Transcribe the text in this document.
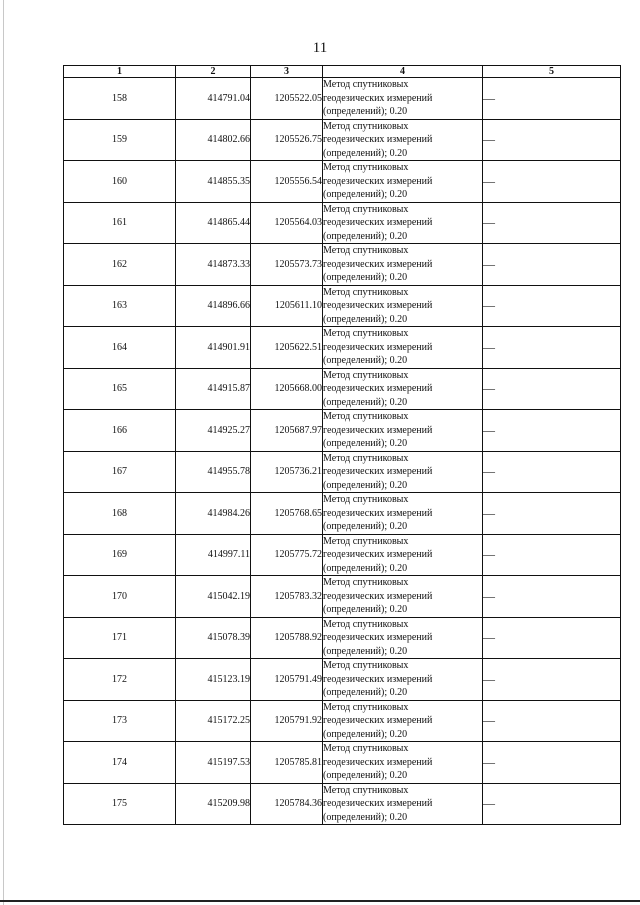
11
1	2	3	4	5
158	414791.04	1205522.05	Метод спутниковых
геодезических измерений
(определений); 0.20	—
159	414802.66	1205526.75	Метод спутниковых
геодезических измерений
(определений); 0.20	—
160	414855.35	1205556.54	Метод спутниковых
геодезических измерений
(определений); 0.20	—
161	414865.44	1205564.03	Метод спутниковых
геодезических измерений
(определений); 0.20	—
162	414873.33	1205573.73	Метод спутниковых
геодезических измерений
(определений); 0.20	—
163	414896.66	1205611.10	Метод спутниковых
геодезических измерений
(определений); 0.20	—
164	414901.91	1205622.51	Метод спутниковых
геодезических измерений
(определений); 0.20	—
165	414915.87	1205668.00	Метод спутниковых
геодезических измерений
(определений); 0.20	—
166	414925.27	1205687.97	Метод спутниковых
геодезических измерений
(определений); 0.20	—
167	414955.78	1205736.21	Метод спутниковых
геодезических измерений
(определений); 0.20	—
168	414984.26	1205768.65	Метод спутниковых
геодезических измерений
(определений); 0.20	—
169	414997.11	1205775.72	Метод спутниковых
геодезических измерений
(определений); 0.20	—
170	415042.19	1205783.32	Метод спутниковых
геодезических измерений
(определений); 0.20	—
171	415078.39	1205788.92	Метод спутниковых
геодезических измерений
(определений); 0.20	—
172	415123.19	1205791.49	Метод спутниковых
геодезических измерений
(определений); 0.20	—
173	415172.25	1205791.92	Метод спутниковых
геодезических измерений
(определений); 0.20	—
174	415197.53	1205785.81	Метод спутниковых
геодезических измерений
(определений); 0.20	—
175	415209.98	1205784.36	Метод спутниковых
геодезических измерений
(определений); 0.20	—
